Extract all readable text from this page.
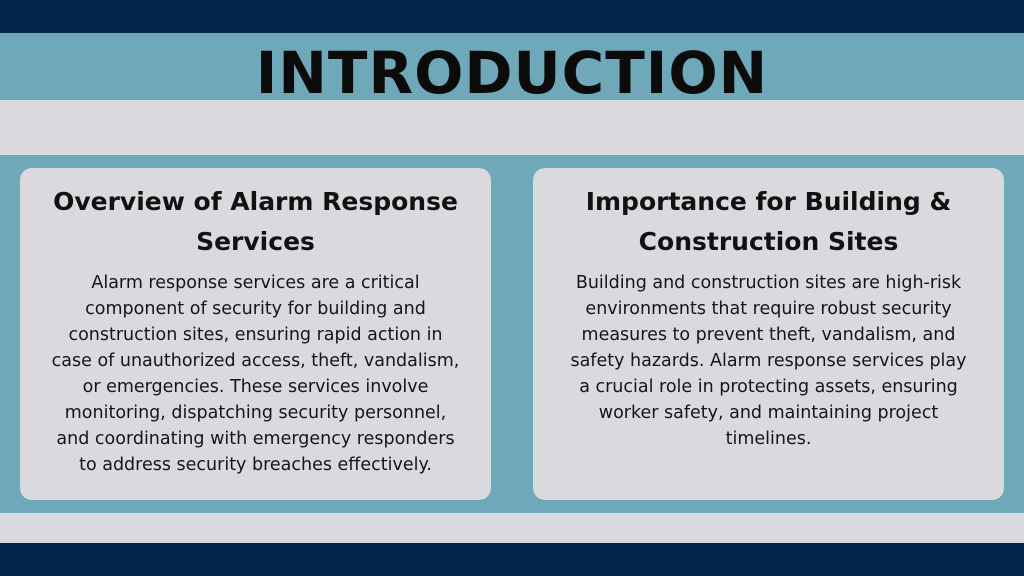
INTRODUCTION
Overview of Alarm Response Services

Alarm response services are a critical component of security for building and construction sites, ensuring rapid action in case of unauthorized access, theft, vandalism, or emergencies. These services involve monitoring, dispatching security personnel, and coordinating with emergency responders to address security breaches effectively.

Importance for Building & Construction Sites

Building and construction sites are high-risk environments that require robust security measures to prevent theft, vandalism, and safety hazards. Alarm response services play a crucial role in protecting assets, ensuring worker safety, and maintaining project timelines.
